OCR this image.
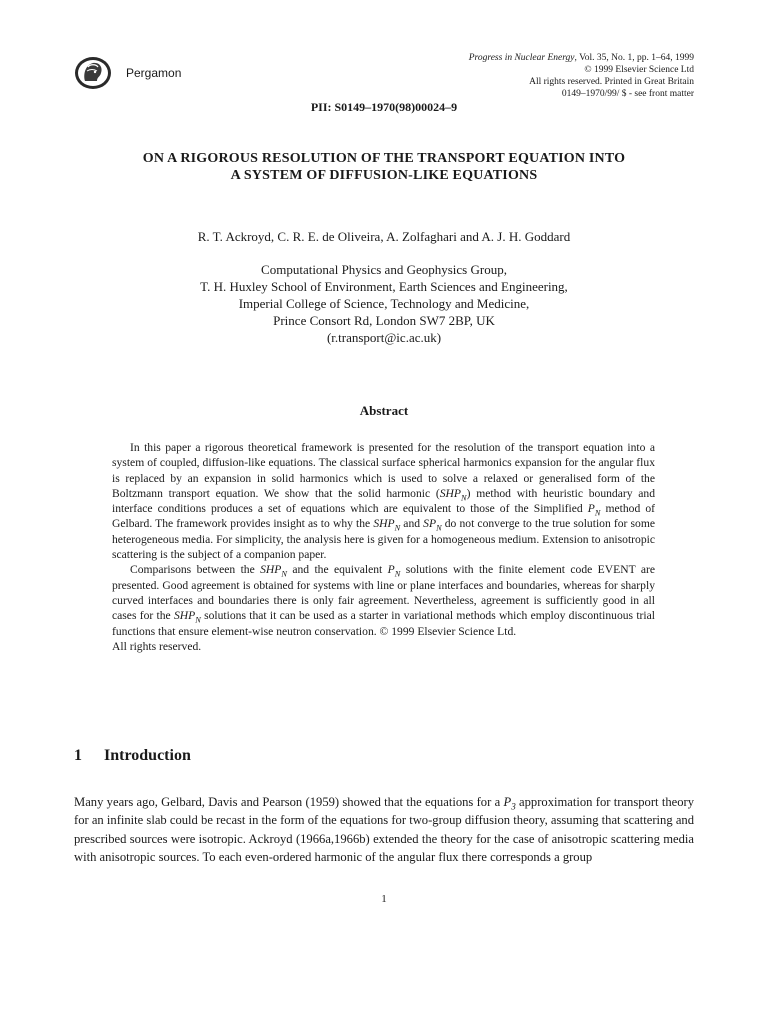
Pergamon
Progress in Nuclear Energy, Vol. 35, No. 1, pp. 1–64, 1999
© 1999 Elsevier Science Ltd
All rights reserved. Printed in Great Britain
0149–1970/99/ $ - see front matter
PII: S0149–1970(98)00024–9
ON A RIGOROUS RESOLUTION OF THE TRANSPORT EQUATION INTO
A SYSTEM OF DIFFUSION-LIKE EQUATIONS
R. T. Ackroyd, C. R. E. de Oliveira, A. Zolfaghari and A. J. H. Goddard
Computational Physics and Geophysics Group,
T. H. Huxley School of Environment, Earth Sciences and Engineering,
Imperial College of Science, Technology and Medicine,
Prince Consort Rd, London SW7 2BP, UK
(r.transport@ic.ac.uk)
Abstract

In this paper a rigorous theoretical framework is presented for the resolution of the transport equation into a system of coupled, diffusion-like equations. The classical surface spherical harmonics expansion for the angular flux is replaced by an expansion in solid harmonics which is used to solve a relaxed or generalised form of the Boltzmann transport equation. We show that the solid harmonic $(SHP_N)$ method with heuristic boundary and interface conditions produces a set of equations which are equivalent to those of the Simplified $P_N$ method of Gelbard. The framework provides insight as to why the $SHP_N$ and $SP_N$ do not converge to the true solution for some heterogeneous media. For simplicity, the analysis here is given for a homogeneous medium. Extension to anisotropic scattering is the subject of a companion paper.

Comparisons between the $SHP_N$ and the equivalent $P_N$ solutions with the finite element code EVENT are presented. Good agreement is obtained for systems with line or plane interfaces and boundaries, whereas for sharply curved interfaces and boundaries there is only fair agreement. Nevertheless, agreement is sufficiently good in all cases for the $SHP_N$ solutions that it can be used as a starter in variational methods which employ discontinuous trial functions that ensure element-wise neutron conservation. © 1999 Elsevier Science Ltd.

All rights reserved.

1 Introduction

Many years ago, Gelbard, Davis and Pearson (1959) showed that the equations for a $P_3$ approximation for transport theory for an infinite slab could be recast in the form of the equations for two-group diffusion theory, assuming that scattering and prescribed sources were isotropic. Ackroyd (1966a,1966b) extended the theory for the case of anisotropic scattering media with anisotropic sources. To each even-ordered harmonic of the angular flux there corresponds a group

1
